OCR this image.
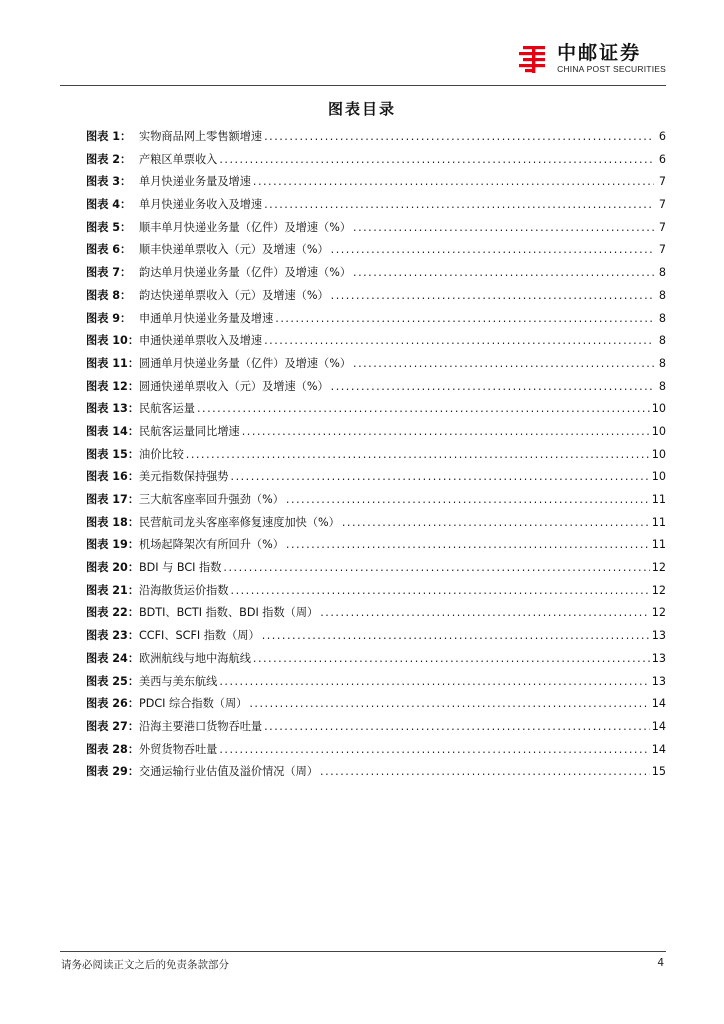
中邮证券
CHINA POST SECURITIES
图表目录
图表 1： 实物商品网上零售额增速 .....	6
图表 2： 产粮区单票收入 .....	6
图表 3： 单月快递业务量及增速 .....	7
图表 4： 单月快递业务收入及增速 .....	7
图表 5： 顺丰单月快递业务量（亿件）及增速（%） .....	7
图表 6： 顺丰快递单票收入（元）及增速（%） .....	7
图表 7： 韵达单月快递业务量（亿件）及增速（%） .....	8
图表 8： 韵达快递单票收入（元）及增速（%） .....	8
图表 9： 申通单月快递业务量及增速 .....	8
图表 10： 申通快递单票收入及增速 .....	8
图表 11： 圆通单月快递业务量（亿件）及增速（%） .....	8
图表 12： 圆通快递单票收入（元）及增速（%） .....	8
图表 13： 民航客运量 .....	10
图表 14： 民航客运量同比增速 .....	10
图表 15： 油价比较 .....	10
图表 16： 美元指数保持强势 .....	10
图表 17： 三大航客座率回升强劲（%） .....	11
图表 18： 民营航司龙头客座率修复速度加快（%） .....	11
图表 19： 机场起降架次有所回升（%） .....	11
图表 20： BDI 与 BCI 指数 .....	12
图表 21： 沿海散货运价指数 .....	12
图表 22： BDTI、BCTI 指数、BDI 指数（周） .....	12
图表 23： CCFI、SCFI 指数（周） .....	13
图表 24： 欧洲航线与地中海航线 .....	13
图表 25： 美西与美东航线 .....	13
图表 26： PDCI 综合指数（周） .....	14
图表 27： 沿海主要港口货物吞吐量 .....	14
图表 28： 外贸货物吞吐量 .....	14
图表 29： 交通运输行业估值及溢价情况（周） .....	15
请务必阅读正文之后的免责条款部分	4
